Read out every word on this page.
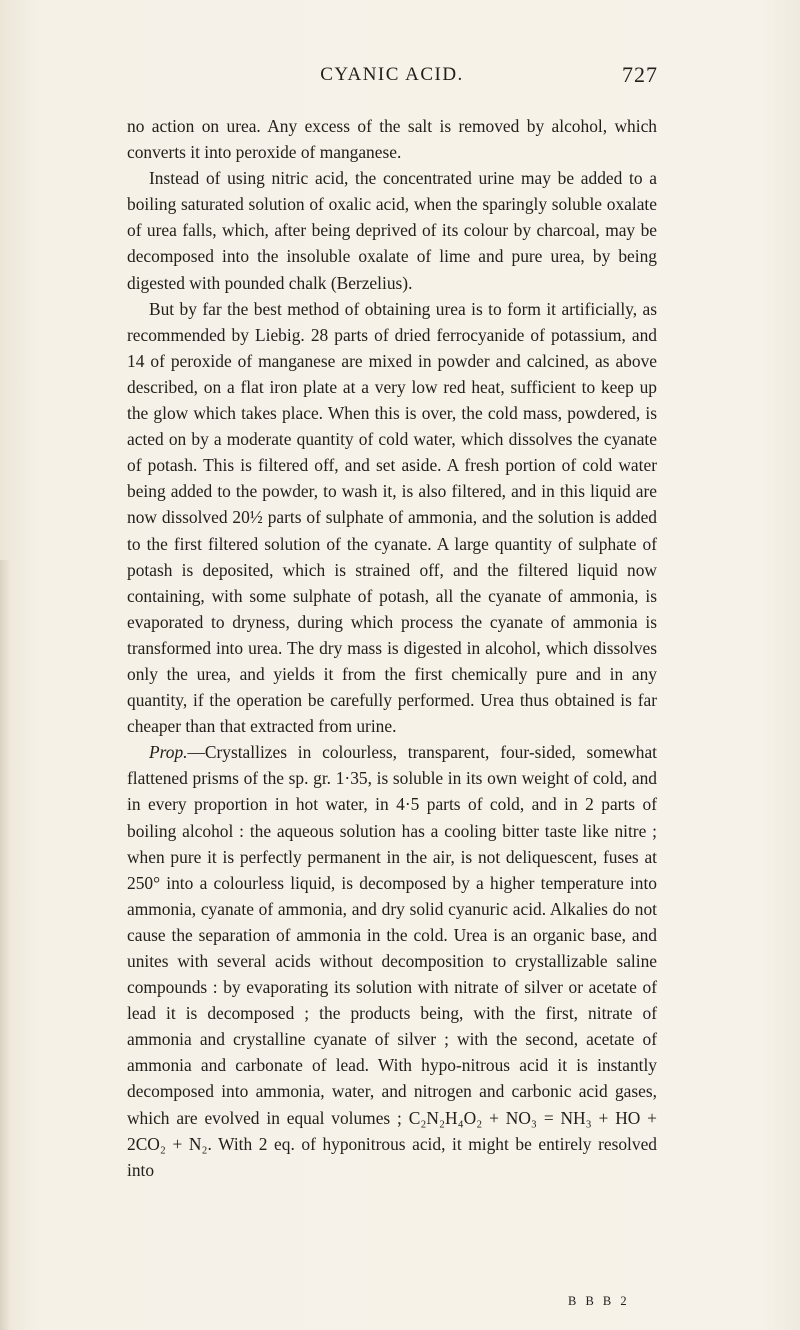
CYANIC ACID.	727

no action on urea. Any excess of the salt is removed by alcohol, which converts it into peroxide of manganese.

Instead of using nitric acid, the concentrated urine may be added to a boiling saturated solution of oxalic acid, when the sparingly soluble oxalate of urea falls, which, after being deprived of its colour by charcoal, may be decomposed into the insoluble oxalate of lime and pure urea, by being digested with pounded chalk (Berzelius).

But by far the best method of obtaining urea is to form it artificially, as recommended by Liebig. 28 parts of dried ferrocyanide of potassium, and 14 of peroxide of manganese are mixed in powder and calcined, as above described, on a flat iron plate at a very low red heat, sufficient to keep up the glow which takes place. When this is over, the cold mass, powdered, is acted on by a moderate quantity of cold water, which dissolves the cyanate of potash. This is filtered off, and set aside. A fresh portion of cold water being added to the powder, to wash it, is also filtered, and in this liquid are now dissolved 20½ parts of sulphate of ammonia, and the solution is added to the first filtered solution of the cyanate. A large quantity of sulphate of potash is deposited, which is strained off, and the filtered liquid now containing, with some sulphate of potash, all the cyanate of ammonia, is evaporated to dryness, during which process the cyanate of ammonia is transformed into urea. The dry mass is digested in alcohol, which dissolves only the urea, and yields it from the first chemically pure and in any quantity, if the operation be carefully performed. Urea thus obtained is far cheaper than that extracted from urine.

Prop.—Crystallizes in colourless, transparent, four-sided, somewhat flattened prisms of the sp. gr. 1·35, is soluble in its own weight of cold, and in every proportion in hot water, in 4·5 parts of cold, and in 2 parts of boiling alcohol : the aqueous solution has a cooling bitter taste like nitre ; when pure it is perfectly permanent in the air, is not deliquescent, fuses at 250° into a colourless liquid, is decomposed by a higher temperature into ammonia, cyanate of ammonia, and dry solid cyanuric acid. Alkalies do not cause the separation of ammonia in the cold. Urea is an organic base, and unites with several acids without decomposition to crystallizable saline compounds : by evaporating its solution with nitrate of silver or acetate of lead it is decomposed ; the products being, with the first, nitrate of ammonia and crystalline cyanate of silver ; with the second, acetate of ammonia and carbonate of lead. With hypo-nitrous acid it is instantly decomposed into ammonia, water, and nitrogen and carbonic acid gases, which are evolved in equal volumes ; C₂N₂H₄O₂ + NO₃ = NH₃ + HO + 2CO₂ + N₂. With 2 eq. of hyponitrous acid, it might be entirely resolved into

B B B 2
